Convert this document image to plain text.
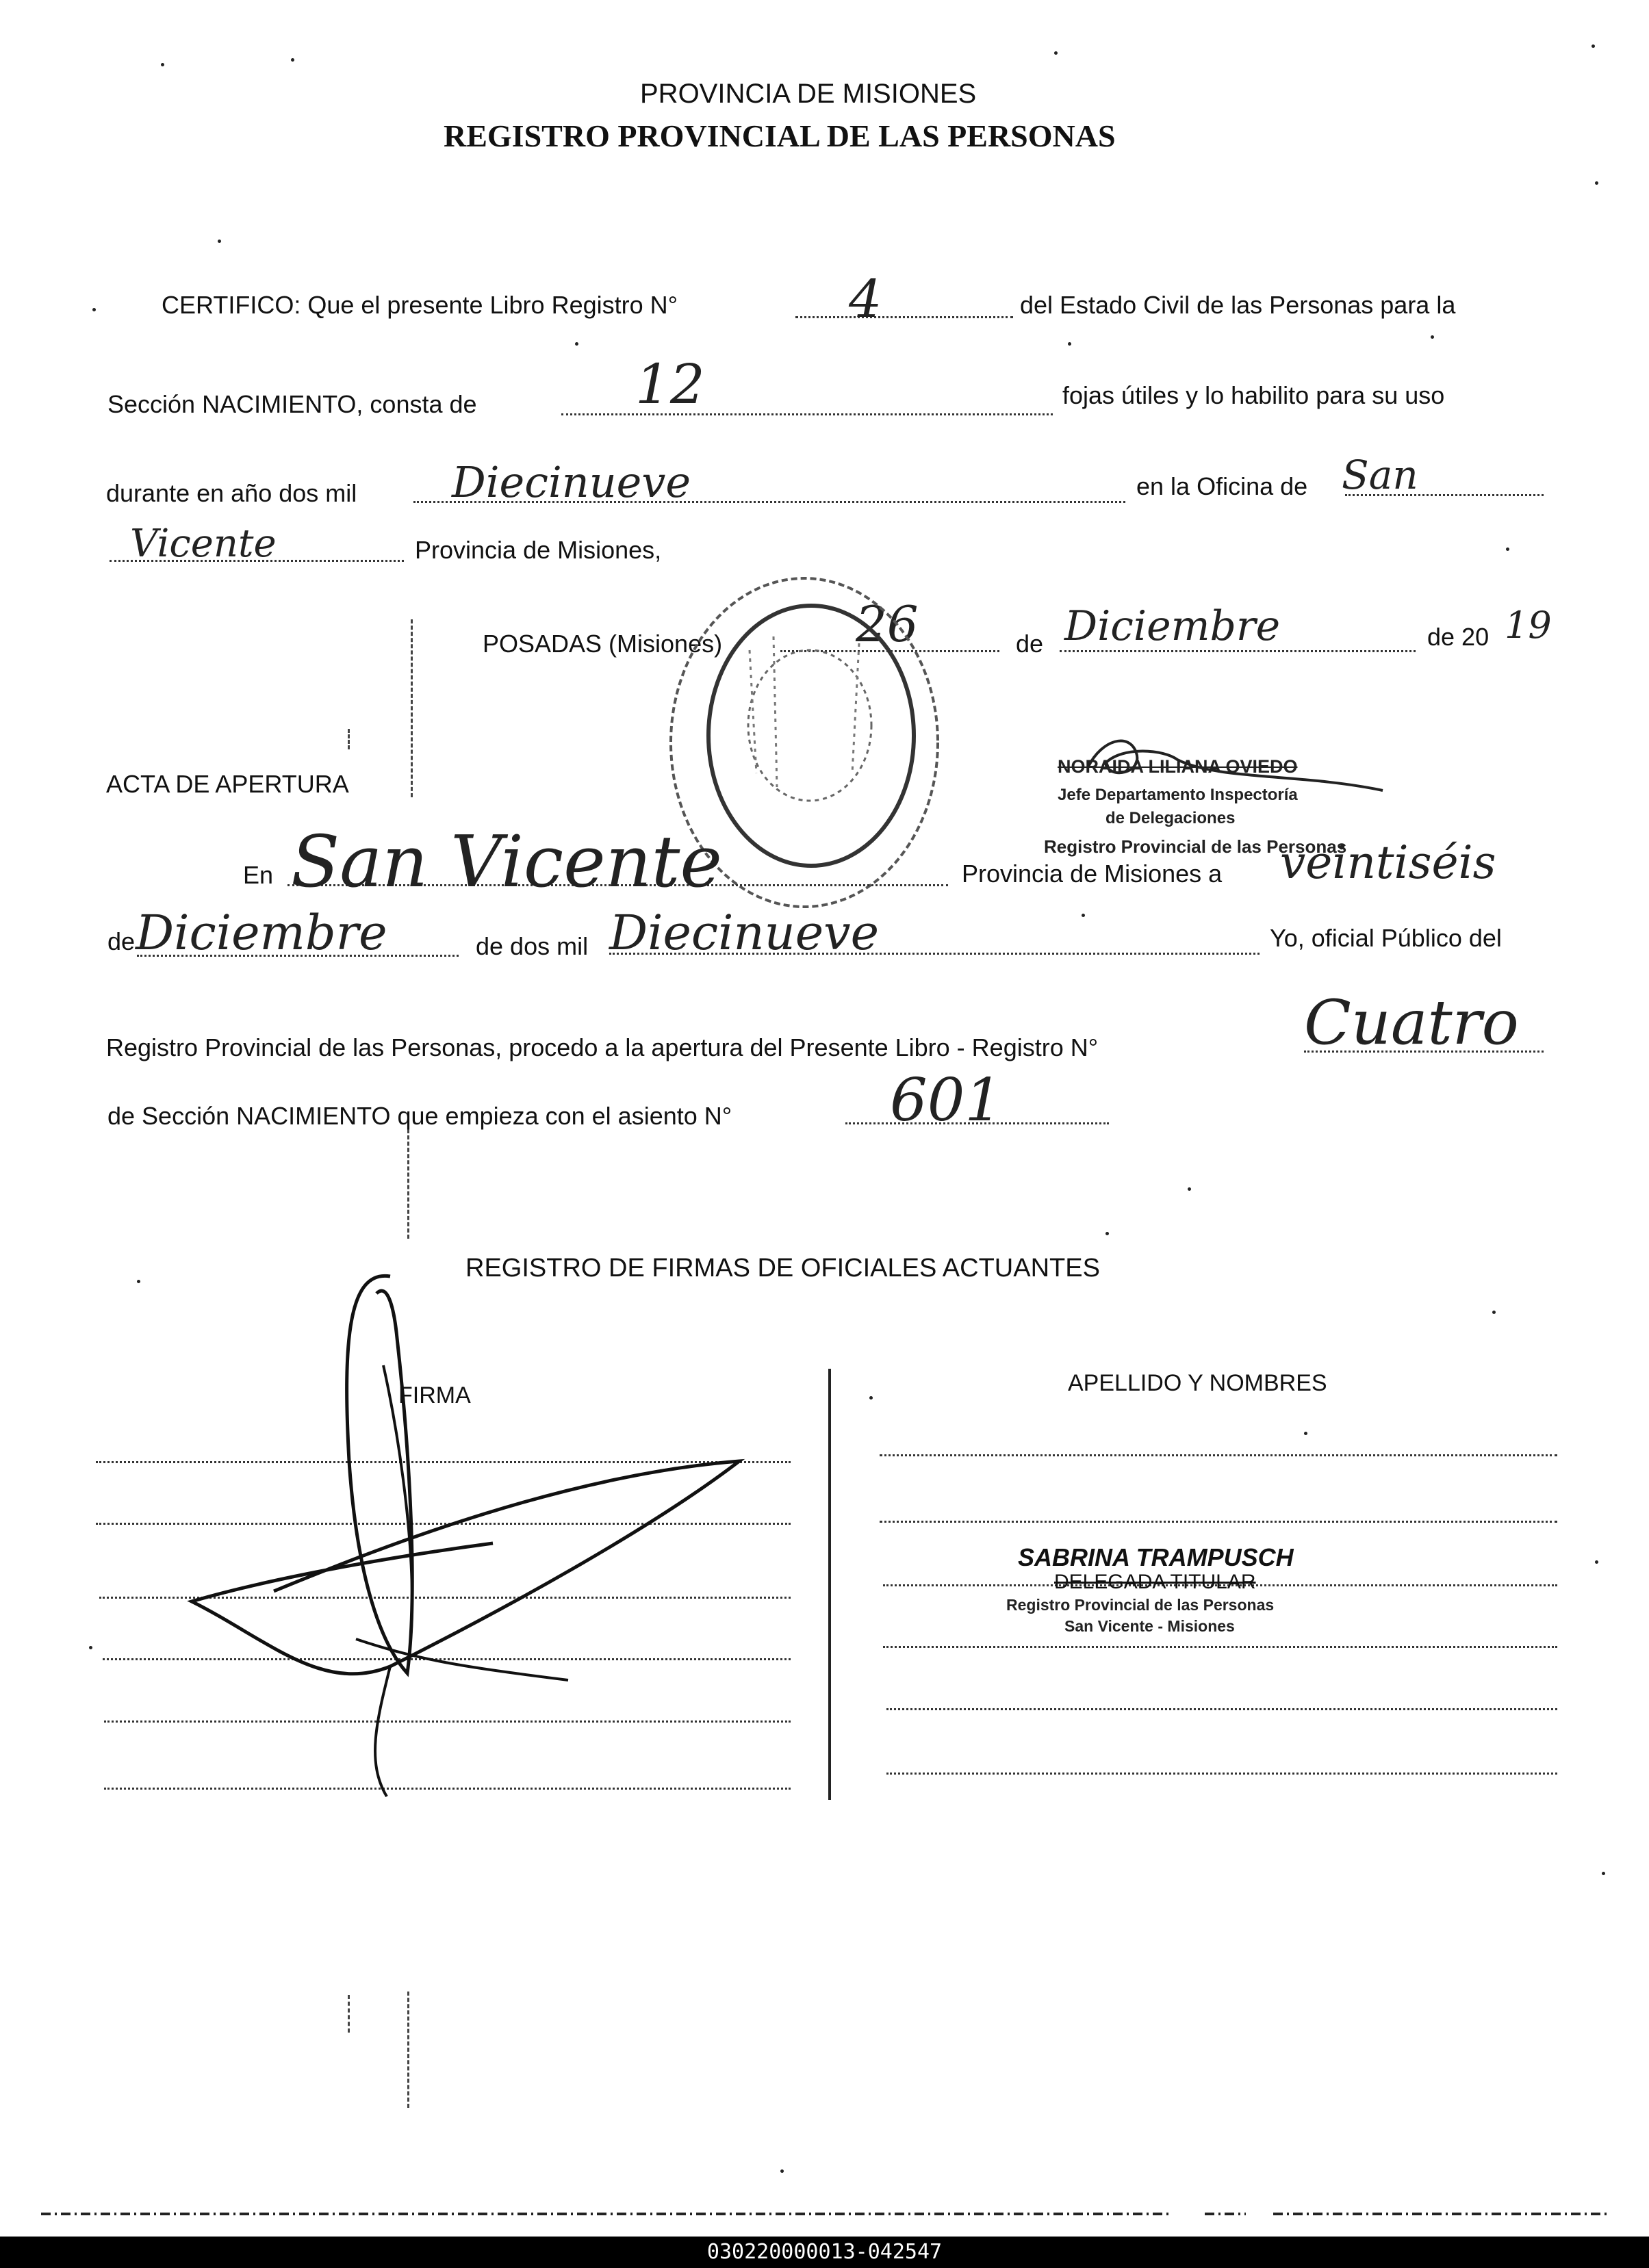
PROVINCIA DE MISIONES
REGISTRO PROVINCIAL DE LAS PERSONAS
CERTIFICO: Que el presente Libro Registro N°	4	del Estado Civil de las Personas para la
Sección NACIMIENTO, consta de	12	fojas útiles y lo habilito para su uso
durante en año dos mil Diecinueve	en la Oficina de San
Vicente	Provincia de Misiones,
POSADAS (Misiones)	26	de Diciembre	de 20 19
NORAIDA LILIANA OVIEDO
Jefe Departamento Inspectoría
de Delegaciones
Registro Provincial de las Personas
ACTA DE APERTURA
En San Vicente	Provincia de Misiones a veintiséis
de Diciembre	de dos mil Diecinueve	Yo, oficial Público del
Registro Provincial de las Personas, procedo a la apertura del Presente Libro - Registro N°	Cuatro
de Sección NACIMIENTO que empieza con el asiento N°	601
REGISTRO DE FIRMAS DE OFICIALES ACTUANTES
FIRMA	APELLIDO Y NOMBRES
SABRINA TRAMPUSCH
DELEGADA TITULAR
Registro Provincial de las Personas
San Vicente - Misiones
030220000013-042547
